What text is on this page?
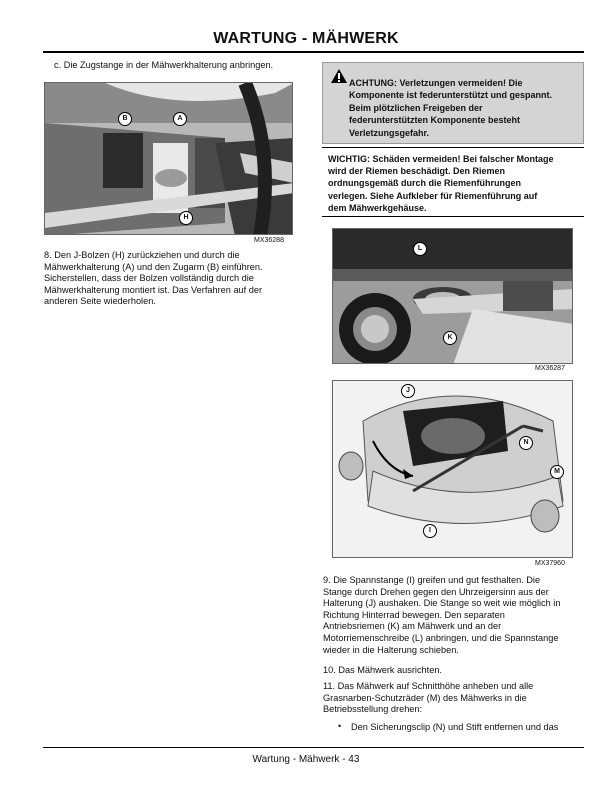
WARTUNG - MÄHWERK
c. Die Zugstange in der Mähwerkhalterung anbringen.
B	A
H
MX36288
8. Den J-Bolzen (H) zurückziehen und durch die
Mähwerkhalterung (A) und den Zugarm (B) einführen.
Sicherstellen, dass der Bolzen vollständig durch die
Mähwerkhalterung montiert ist. Das Verfahren auf der
anderen Seite wiederholen.
ACHTUNG: Verletzungen vermeiden! Die
Komponente ist federunterstützt und gespannt.
Beim plötzlichen Freigeben der
federunterstützten Komponente besteht
Verletzungsgefahr.
WICHTIG: Schäden vermeiden! Bei falscher Montage
wird der Riemen beschädigt. Den Riemen
ordnungsgemäß durch die Riemenführungen
verlegen. Siehe Aufkleber für Riemenführung auf
dem Mähwerkgehäuse.
L
K
MX36287
J
N
M
I
MX37960
9. Die Spannstange (I) greifen und gut festhalten. Die
Stange durch Drehen gegen den Uhrzeigersinn aus der
Halterung (J) aushaken. Die Stange so weit wie möglich in
Richtung Hinterrad bewegen. Den separaten
Antriebsriemen (K) am Mähwerk und an der
Motorriemenschreibe (L) anbringen, und die Spannstange
wieder in die Halterung schieben.
10. Das Mähwerk ausrichten.
11. Das Mähwerk auf Schnitthöhe anheben und alle
Grasnarben-Schutzräder (M) des Mähwerks in die
Betriebsstellung drehen:
• Den Sicherungsclip (N) und Stift entfernen und das
Wartung - Mähwerk - 43
